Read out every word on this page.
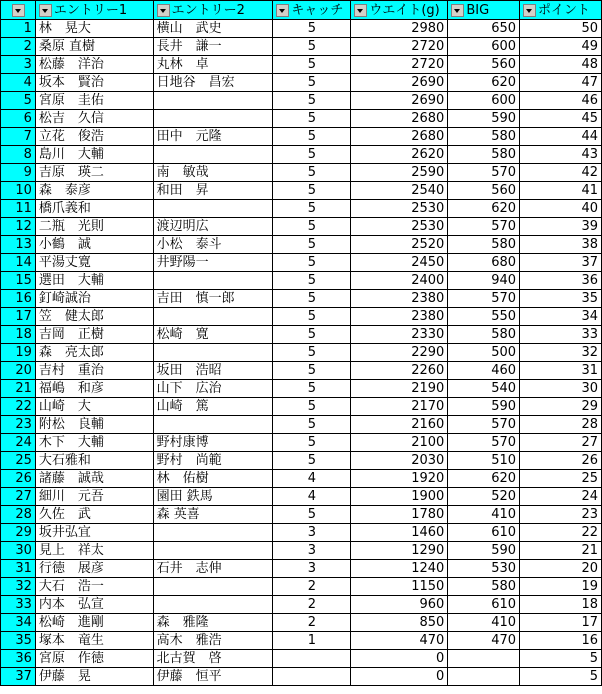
	エントリー1	エントリー2	キャッチ	ウエイト(g)	BIG	ポイント
1	林　晃大	横山　武史	5	2980	650	50
2	桑原 直樹	長井　謙一	5	2720	600	49
3	松藤　洋治	丸林　卓	5	2720	560	48
4	坂本　賢治	日地谷　昌宏	5	2690	620	47
5	宮原　圭佑		5	2690	600	46
6	松吉　久信		5	2680	590	45
7	立花　俊浩	田中　元隆	5	2680	580	44
8	島川　大輔		5	2620	580	43
9	吉原　瑛二	南　敏哉	5	2590	570	42
10	森　泰彦	和田　昇	5	2540	560	41
11	橋爪義和		5	2530	620	40
12	二瓶　光則	渡辺明広	5	2530	570	39
13	小鶴　誠	小松　泰斗	5	2520	580	38
14	平湯丈寛	井野陽一	5	2450	680	37
15	選田　大輔		5	2400	940	36
16	釘崎誠治	吉田　慎一郎	5	2380	570	35
17	笠　健太郎		5	2380	550	34
18	吉岡　正樹	松崎　寛	5	2330	580	33
19	森　亮太郎		5	2290	500	32
20	吉村　重治	坂田　浩昭	5	2260	460	31
21	福嶋　和彦	山下　広治	5	2190	540	30
22	山崎　大	山崎　篤	5	2170	590	29
23	附松　良輔		5	2160	570	28
24	木下　大輔	野村康博	5	2100	570	27
25	大石雅和	野村　尚範	5	2030	510	26
26	諸藤　誠哉	林　佑樹	4	1920	620	25
27	細川　元吾	園田 鉄馬	4	1900	520	24
28	久佐　武	森 英喜	5	1780	410	23
29	坂井弘宜		3	1460	610	22
30	見上　祥太		3	1290	590	21
31	行徳　展彦	石井　志伸	3	1240	530	20
32	大石　浩一		2	1150	580	19
33	内本　弘宣		2	960	610	18
34	松崎　進剛	森　雅隆	2	850	410	17
35	塚本　竜生	高木　雅浩	1	470	470	16
36	宮原　作徳	北古賀　啓		0		5
37	伊藤　晃	伊藤　恒平		0		5
